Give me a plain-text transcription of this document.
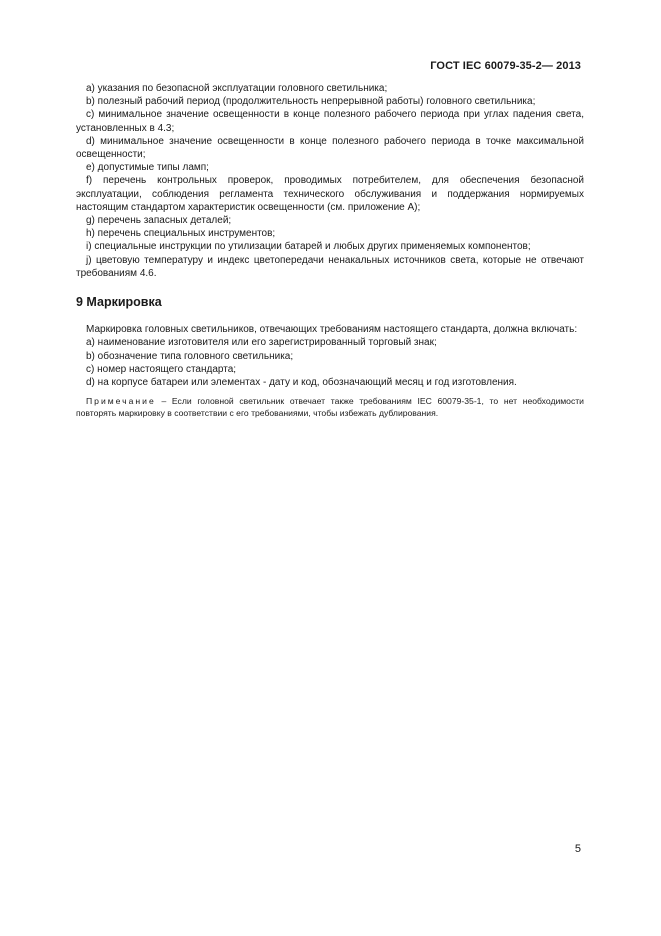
ГОСТ IEC 60079-35-2— 2013

a) указания по безопасной эксплуатации головного светильника;

b) полезный рабочий период (продолжительность непрерывной работы) головного светильника;

c) минимальное значение освещенности в конце полезного рабочего периода при углах падения света, установленных в 4.3;

d) минимальное значение освещенности в конце полезного рабочего периода в точке максимальной освещенности;

e) допустимые типы ламп;

f) перечень контрольных проверок, проводимых потребителем, для обеспечения безопасной эксплуатации, соблюдения регламента технического обслуживания и поддержания нормируемых настоящим стандартом характеристик освещенности (см. приложение А);

g) перечень запасных деталей;

h) перечень специальных инструментов;

i) специальные инструкции по утилизации батарей и любых других применяемых компонентов;

j) цветовую температуру и индекс цветопередачи ненакальных источников света, которые не отвечают требованиям 4.6.

9 Маркировка

Маркировка головных светильников, отвечающих требованиям настоящего стандарта, должна включать:

a) наименование изготовителя или его зарегистрированный торговый знак;

b) обозначение типа головного светильника;

c) номер настоящего стандарта;

d) на корпусе батареи или элементах - дату и код, обозначающий месяц и год изготовления.

Примечание – Если головной светильник отвечает также требованиям IEC 60079-35-1, то нет необходимости повторять маркировку в соответствии с его требованиями, чтобы избежать дублирования.

5
